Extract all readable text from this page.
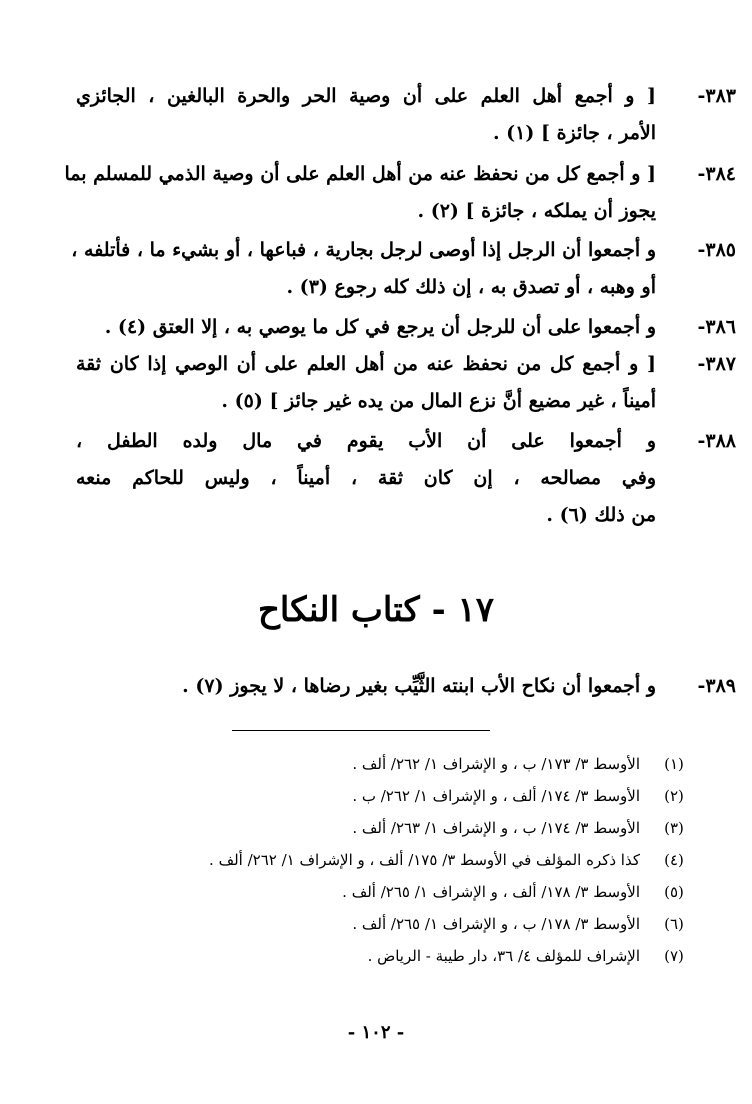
٣٨٣-
[ و أجمع أهل العلم على أن وصية الحر والحرة البالغين ، الجائزي
الأمر ، جائزة ] (١) .
٣٨٤-
[ و أجمع كل من نحفظ عنه من أهل العلم على أن وصية الذمي للمسلم بما
يجوز أن يملكه ، جائزة ] (٢) .
٣٨٥-
و أجمعوا أن الرجل إذا أوصى لرجل بجارية ، فباعها ، أو بشيء ما ، فأتلفه ،
أو وهبه ، أو تصدق به ، إن ذلك كله رجوع (٣) .
٣٨٦-
و أجمعوا على أن للرجل أن يرجع في كل ما يوصي به ، إلا العتق (٤) .
٣٨٧-
[ و أجمع كل من نحفظ عنه من أهل العلم على أن الوصي إذا كان ثقة
أميناً ، غير مضيع أنَّ نزع المال من يده غير جائز ] (٥) .
٣٨٨-
و أجمعوا على أن الأب يقوم في مال ولده الطفل ،
وفي مصالحه ، إن كان ثقة ، أميناً ، وليس للحاكم منعه
من ذلك (٦) .
١٧ - كتاب النكاح
٣٨٩-
و أجمعوا أن نكاح الأب ابنته الثَّيِّب بغير رضاها ، لا يجوز (٧) .
(١)
الأوسط ٣/ ١٧٣/ ب ، و الإشراف ١/ ٢٦٢/ ألف .
(٢)
الأوسط ٣/ ١٧٤/ ألف ، و الإشراف ١/ ٢٦٢/ ب .
(٣)
الأوسط ٣/ ١٧٤/ ب ، و الإشراف ١/ ٢٦٣/ ألف .
(٤)
كذا ذكره المؤلف في الأوسط ٣/ ١٧٥/ ألف ، و الإشراف ١/ ٢٦٢/ ألف .
(٥)
الأوسط ٣/ ١٧٨/ ألف ، و الإشراف ١/ ٢٦٥/ ألف .
(٦)
الأوسط ٣/ ١٧٨/ ب ، و الإشراف ١/ ٢٦٥/ ألف .
(٧)
الإشراف للمؤلف ٤/ ٣٦، دار طيبة - الرياض .
- ١٠٢ -
